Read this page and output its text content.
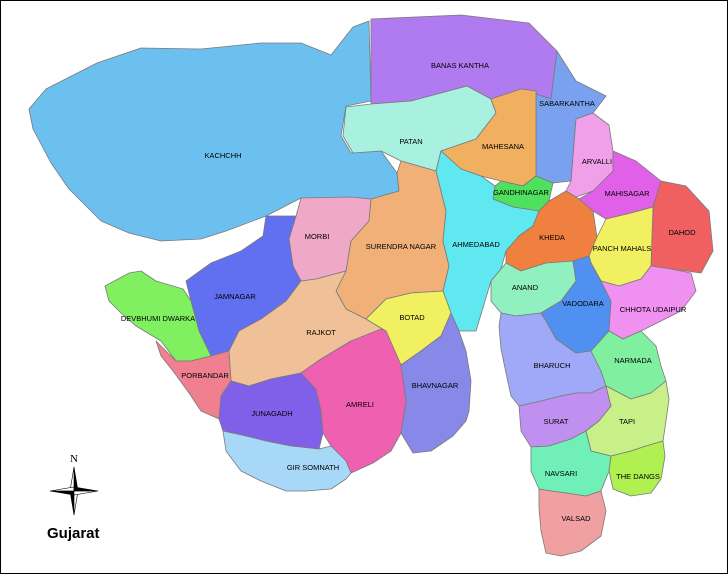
KACHCHH
BANAS KANTHA
PATAN
SABARKANTHA
MAHESANA
ARVALLI
GANDHINAGAR	MAHISAGAR
DAHOD
MORBI
SURENDRA NAGAR AHMEDABAD
KHEDA
PANCH MAHALS
JAMNAGAR
DEVBHUMI DWARKA
RAJKOT
BOTAD
ANAND
VADODARA
CHHOTA UDAIPUR
PORBANDAR
BHARUCH
NARMADA
JUNAGADH
AMRELI
BHAVNAGAR
SURAT	TAPI
GIR SOMNATH
NAVSARI	THE DANGS
VALSAD
N
Gujarat
